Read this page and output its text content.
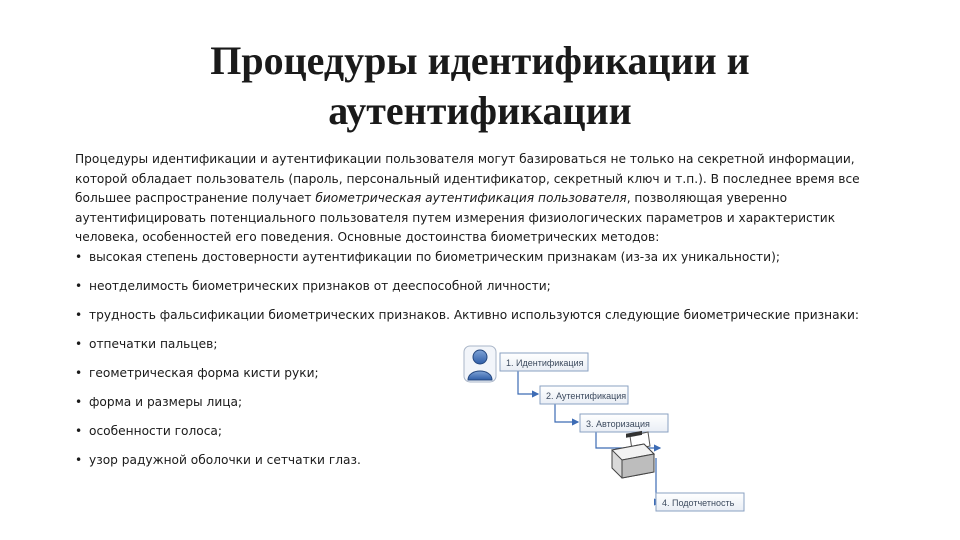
Процедуры идентификации и
аутентификации
Процедуры идентификации и аутентификации пользователя могут базироваться не только на секретной информации, которой обладает пользователь (пароль, персональный идентификатор, секретный ключ и т.п.). В последнее время все большее распространение получает биометрическая аутентификация пользователя, позволяющая уверенно аутентифицировать потенциального пользователя путем измерения физиологических параметров и характеристик человека, особенностей его поведения. Основные достоинства биометрических методов:
• высокая степень достоверности аутентификации по биометрическим признакам (из-за их уникальности);
• неотделимость биометрических признаков от дееспособной личности;
• трудность фальсификации биометрических признаков. Активно используются следующие биометрические признаки:
• отпечатки пальцев;
• геометрическая форма кисти руки;
• форма и размеры лица;
• особенности голоса;
• узор радужной оболочки и сетчатки глаз.
1. Идентификация
2. Аутентификация
3. Авторизация
4. Подотчетность
